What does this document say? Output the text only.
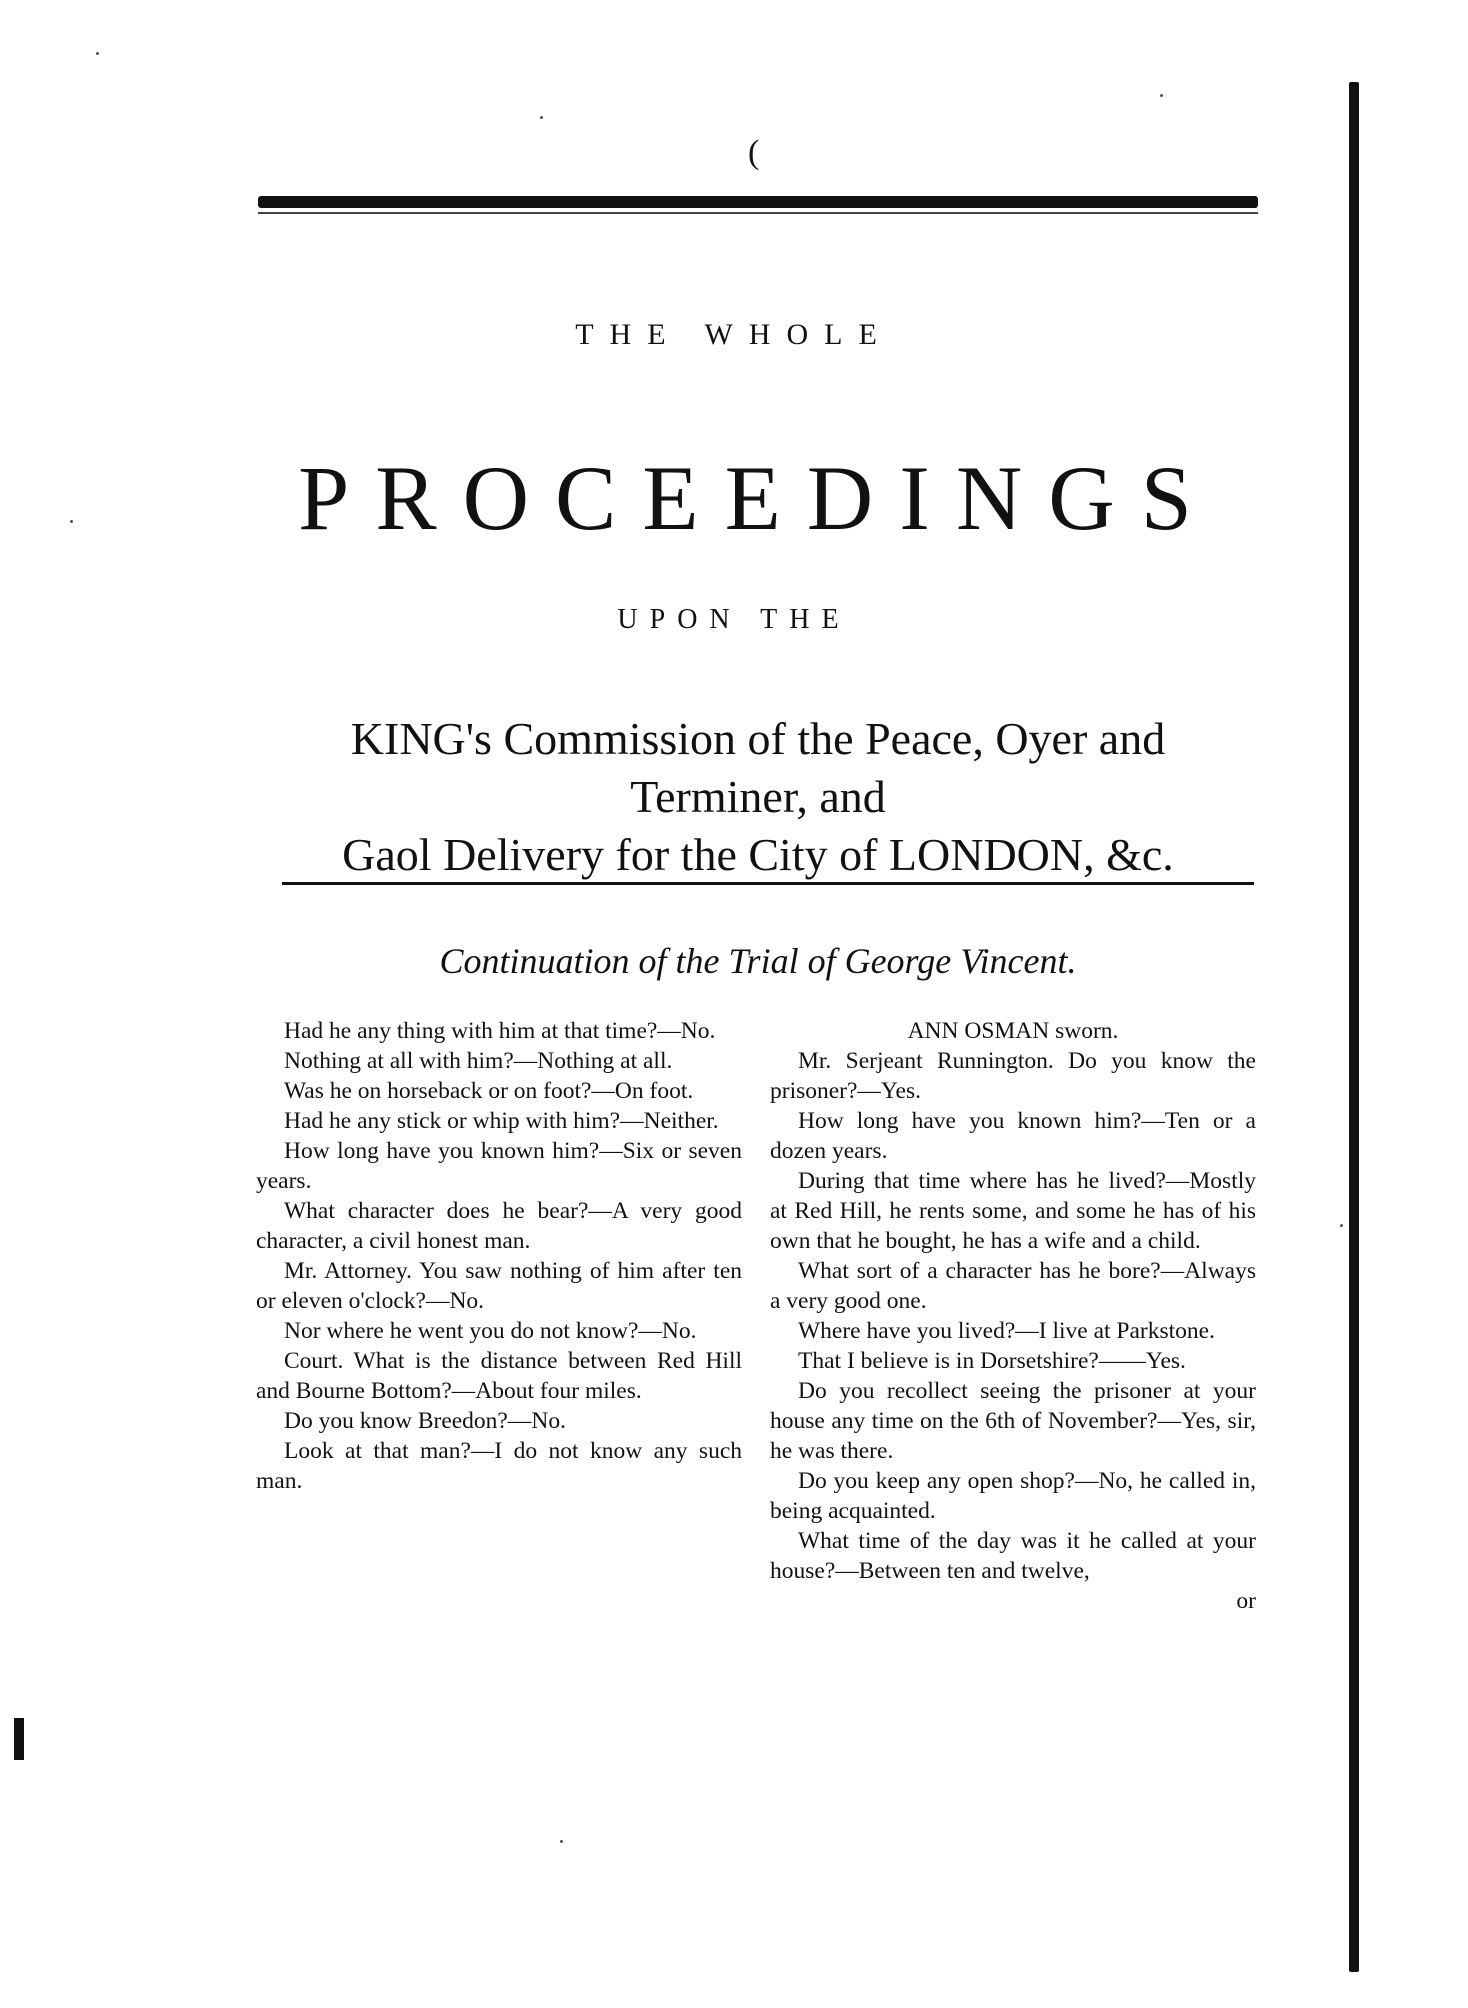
(
THE WHOLE
PROCEEDINGS
UPON THE
KING's Commission of the Peace, Oyer and Terminer, and
Gaol Delivery for the City of LONDON, &c.
Continuation of the Trial of George Vincent.

Had he any thing with him at that time?—No.

Nothing at all with him?—Nothing at all.

Was he on horseback or on foot?—On foot.

Had he any stick or whip with him?—Neither.

How long have you known him?—Six or seven years.

What character does he bear?—A very good character, a civil honest man.

Mr. Attorney. You saw nothing of him after ten or eleven o'clock?—No.

Nor where he went you do not know?—No.

Court. What is the distance between Red Hill and Bourne Bottom?—About four miles.

Do you know Breedon?—No.

Look at that man?—I do not know any such man.

ANN OSMAN sworn.

Mr. Serjeant Runnington. Do you know the prisoner?—Yes.

How long have you known him?—Ten or a dozen years.

During that time where has he lived?—Mostly at Red Hill, he rents some, and some he has of his own that he bought, he has a wife and a child.

What sort of a character has he bore?—Always a very good one.

Where have you lived?—I live at Parkstone.

That I believe is in Dorsetshire?——Yes.

Do you recollect seeing the prisoner at your house any time on the 6th of November?—Yes, sir, he was there.

Do you keep any open shop?—No, he called in, being acquainted.

What time of the day was it he called at your house?—Between ten and twelve,

or
